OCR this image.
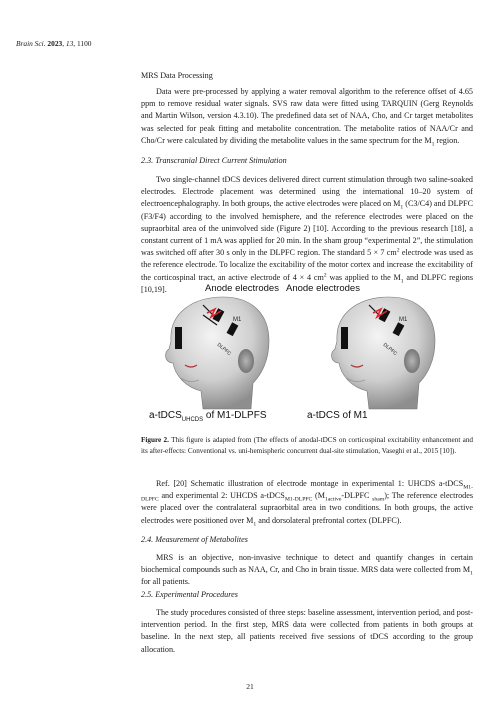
Brain Sci. 2023, 13, 1100

MRS Data Processing

Data were pre-processed by applying a water removal algorithm to the reference offset of 4.65 ppm to remove residual water signals. SVS raw data were fitted using TARQUIN (Gerg Reynolds and Martin Wilson, version 4.3.10). The predefined data set of NAA, Cho, and Cr target metabolites was selected for peak fitting and metabolite concentration. The metabolite ratios of NAA/Cr and Cho/Cr were calculated by dividing the metabolite values in the same spectrum for the $M_1$ region.

2.3. Transcranial Direct Current Stimulation

Two single-channel tDCS devices delivered direct current stimulation through two saline-soaked electrodes. Electrode placement was determined using the international 10–20 system of electroencephalography. In both groups, the active electrodes were placed on $M_1$ (C3/C4) and DLPFC (F3/F4) according to the involved hemisphere, and the reference electrodes were placed on the supraorbital area of the uninvolved side (Figure 2) [10]. According to the previous research [18], a constant current of 1 mA was applied for 20 min. In the sham group “experimental 2”, the stimulation was switched off after 30 s only in the DLPFC region. The standard 5 × 7 $cm^2$ electrode was used as the reference electrode. To localize the excitability of the motor cortex and increase the excitability of the corticospinal tract, an active electrode of 4 × 4 $cm^2$ was applied to the $M_1$ and DLPFC regions [10,19].

M1
DLPFC
M1
DLPFC
Anode electrodes Anode electrodes
a-tDCS$_{UHCDS}$ of M1-DLPFS	a-tDCS of M1

Figure 2. This figure is adapted from (The effects of anodal-tDCS on corticospinal excitability enhancement and its after-effects: Conventional vs. uni-hemispheric concurrent dual-site stimulation, Vaseghi et al., 2015 [10]).

Ref. [20] Schematic illustration of electrode montage in experimental 1: UHCDS a-tDCS$_{M1-DLPFC}$ and experimental 2: UHCDS a-tDCS$_{M1-DLPFC}$ ($M_{1active}$-DLPFC $_{sham}$); The reference electrodes were placed over the contralateral supraorbital area in two conditions. In both groups, the active electrodes were positioned over $M_1$ and dorsolateral prefrontal cortex (DLPFC).

2.4. Measurement of Metabolites

MRS is an objective, non-invasive technique to detect and quantify changes in certain biochemical compounds such as NAA, Cr, and Cho in brain tissue. MRS data were collected from $M_1$ for all patients.

2.5. Experimental Procedures

The study procedures consisted of three steps: baseline assessment, intervention period, and post-intervention period. In the first step, MRS data were collected from patients in both groups at baseline. In the next step, all patients received five sessions of tDCS according to the group allocation.

21
